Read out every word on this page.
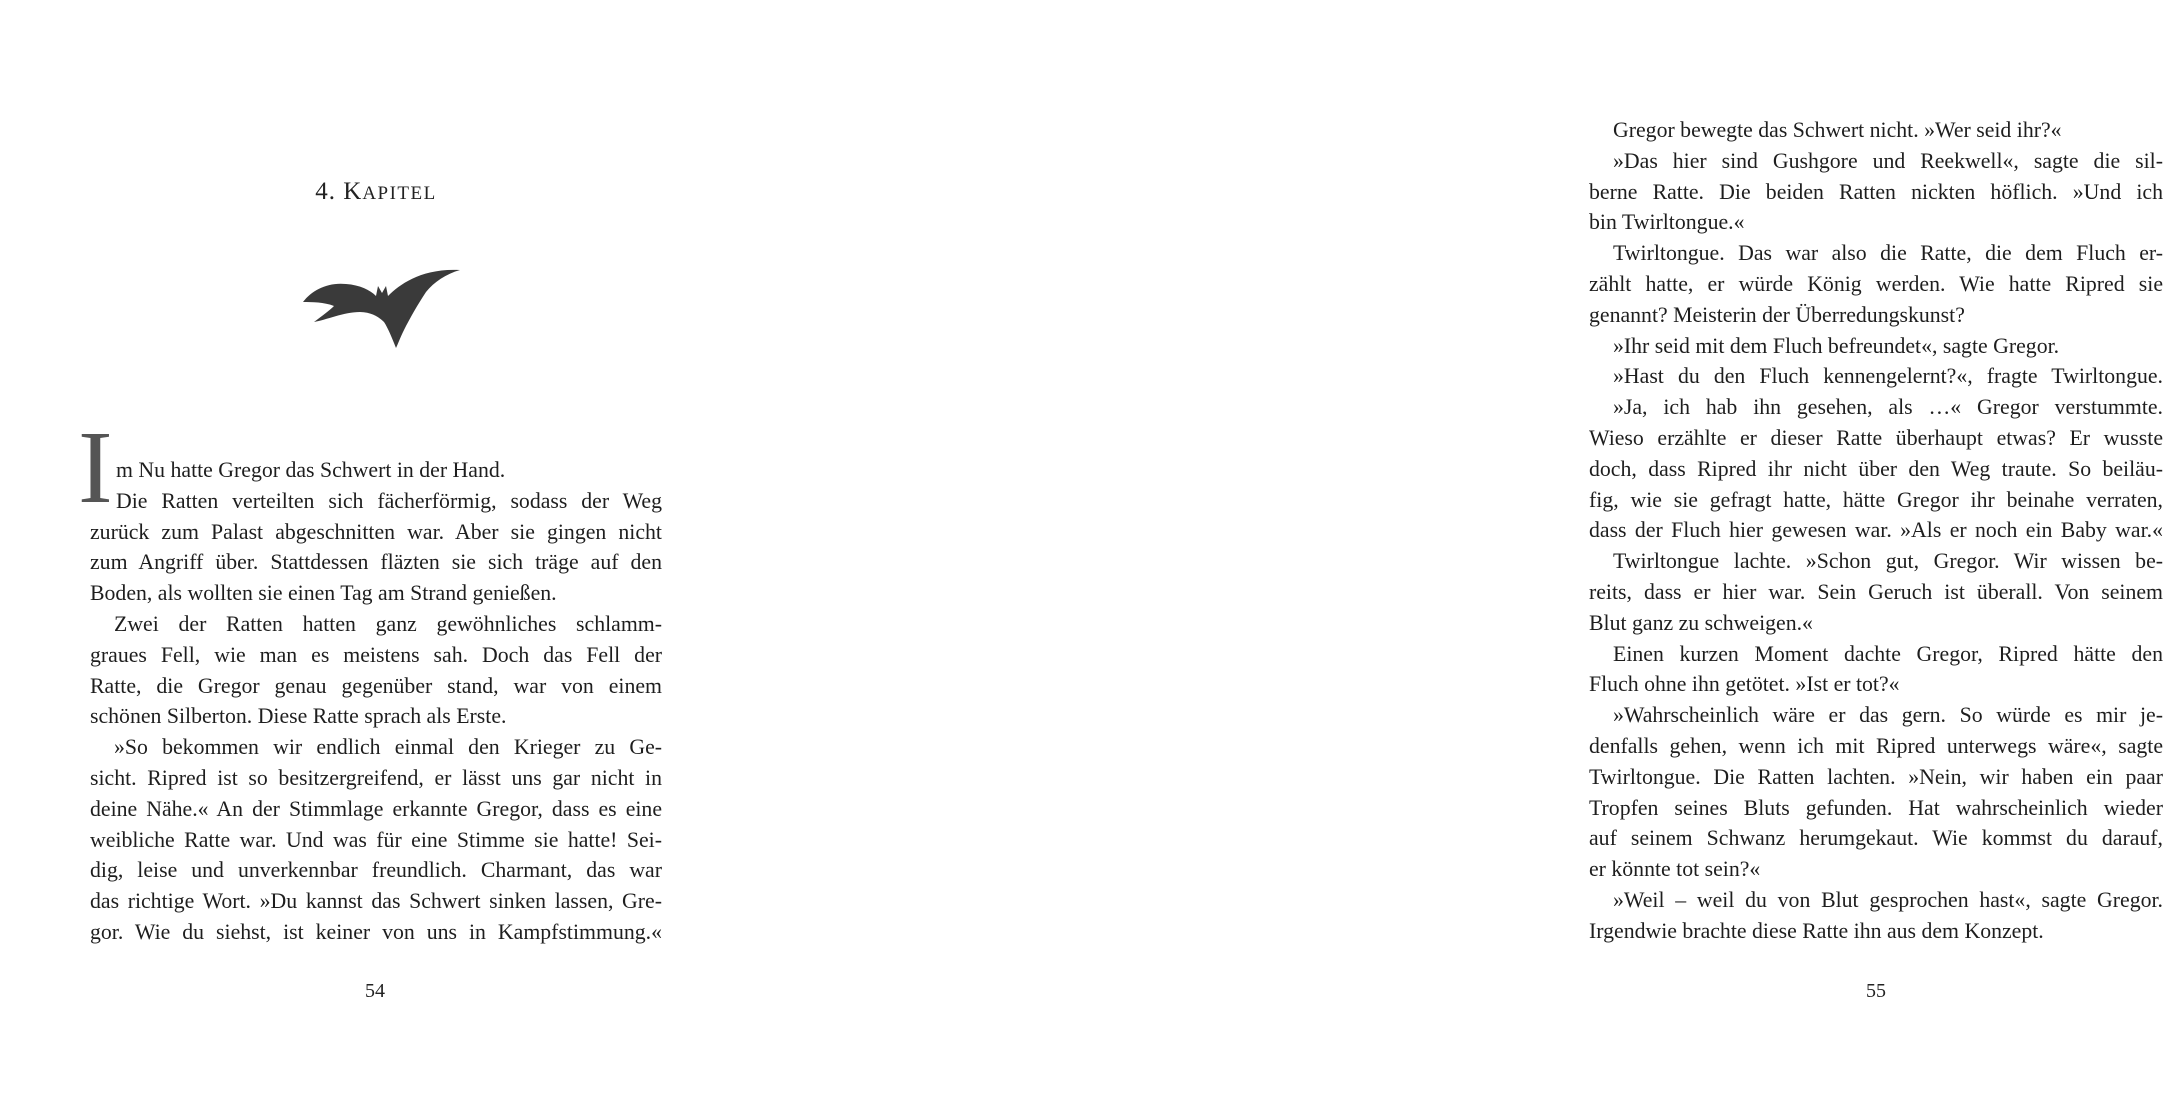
4. KAPITEL
I m Nu hatte Gregor das Schwert in der Hand.
Die Ratten verteilten sich fächerförmig, sodass der Weg
zurück zum Palast abgeschnitten war. Aber sie gingen nicht
zum Angriff über. Stattdessen fläzten sie sich träge auf den
Boden, als wollten sie einen Tag am Strand genießen.
Zwei der Ratten hatten ganz gewöhnliches schlamm-
graues Fell, wie man es meistens sah. Doch das Fell der
Ratte, die Gregor genau gegenüber stand, war von einem
schönen Silberton. Diese Ratte sprach als Erste.
»So bekommen wir endlich einmal den Krieger zu Ge-
sicht. Ripred ist so besitzergreifend, er lässt uns gar nicht in
deine Nähe.« An der Stimmlage erkannte Gregor, dass es eine
weibliche Ratte war. Und was für eine Stimme sie hatte! Sei-
dig, leise und unverkennbar freundlich. Charmant, das war
das richtige Wort. »Du kannst das Schwert sinken lassen, Gre-
gor. Wie du siehst, ist keiner von uns in Kampfstimmung.«
54
Gregor bewegte das Schwert nicht. »Wer seid ihr?«
»Das hier sind Gushgore und Reekwell«, sagte die sil-
berne Ratte. Die beiden Ratten nickten höflich. »Und ich
bin Twirltongue.«
Twirltongue. Das war also die Ratte, die dem Fluch er-
zählt hatte, er würde König werden. Wie hatte Ripred sie
genannt? Meisterin der Überredungskunst?
»Ihr seid mit dem Fluch befreundet«, sagte Gregor.
»Hast du den Fluch kennengelernt?«, fragte Twirltongue.
»Ja, ich hab ihn gesehen, als …« Gregor verstummte.
Wieso erzählte er dieser Ratte überhaupt etwas? Er wusste
doch, dass Ripred ihr nicht über den Weg traute. So beiläu-
fig, wie sie gefragt hatte, hätte Gregor ihr beinahe verraten,
dass der Fluch hier gewesen war. »Als er noch ein Baby war.«
Twirltongue lachte. »Schon gut, Gregor. Wir wissen be-
reits, dass er hier war. Sein Geruch ist überall. Von seinem
Blut ganz zu schweigen.«
Einen kurzen Moment dachte Gregor, Ripred hätte den
Fluch ohne ihn getötet. »Ist er tot?«
»Wahrscheinlich wäre er das gern. So würde es mir je-
denfalls gehen, wenn ich mit Ripred unterwegs wäre«, sagte
Twirltongue. Die Ratten lachten. »Nein, wir haben ein paar
Tropfen seines Bluts gefunden. Hat wahrscheinlich wieder
auf seinem Schwanz herumgekaut. Wie kommst du darauf,
er könnte tot sein?«
»Weil – weil du von Blut gesprochen hast«, sagte Gregor.
Irgendwie brachte diese Ratte ihn aus dem Konzept.
55
